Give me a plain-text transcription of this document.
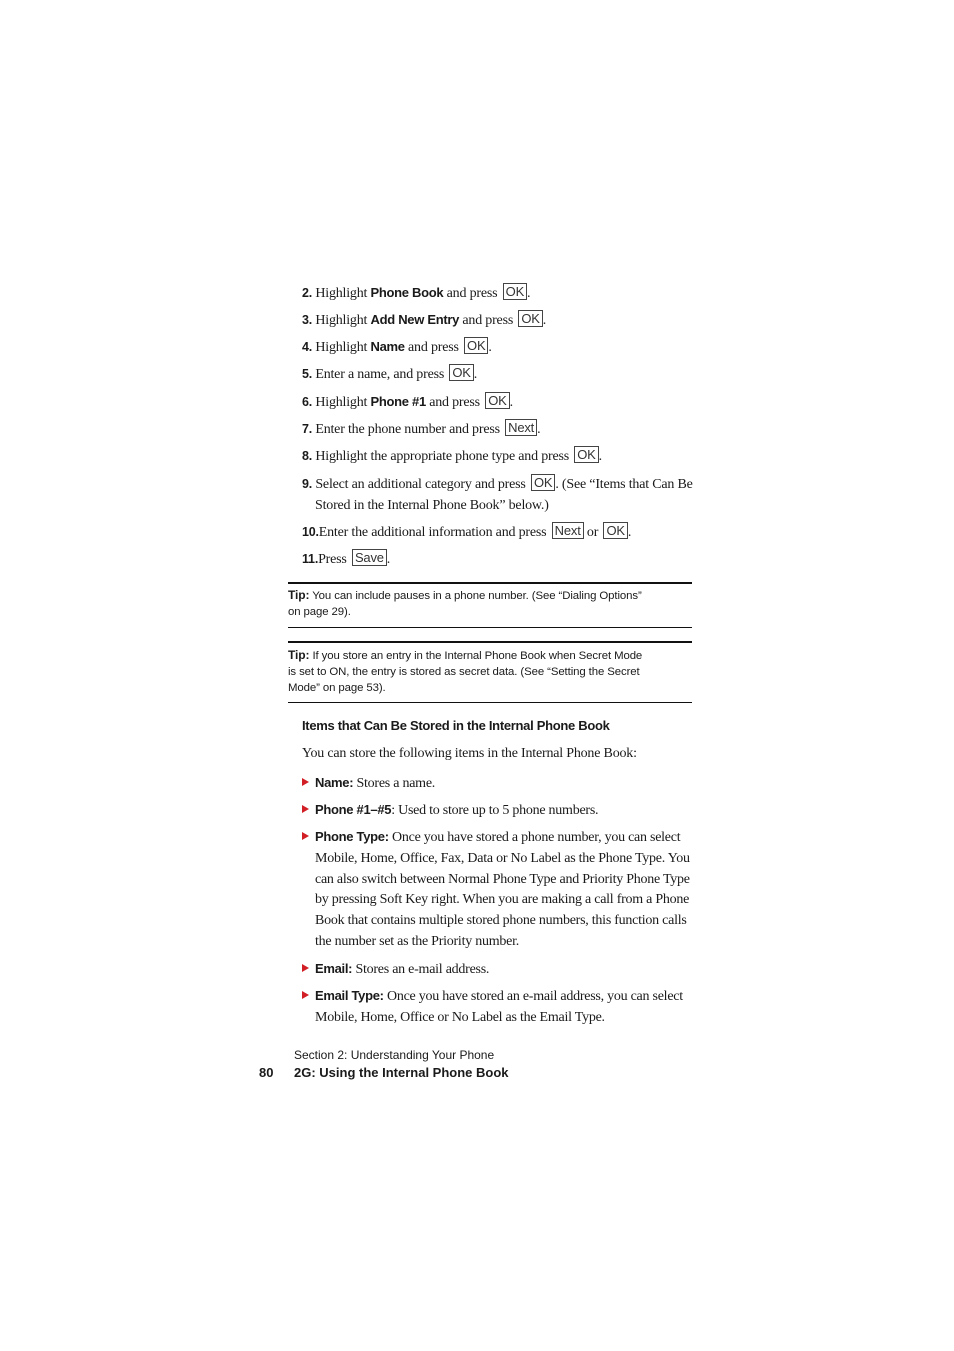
2. Highlight Phone Book and press OK .
3. Highlight Add New Entry and press OK .
4. Highlight Name and press OK .
5. Enter a name, and press OK .
6. Highlight Phone #1 and press OK .
7. Enter the phone number and press Next .
8. Highlight the appropriate phone type and press OK .
9. Select an additional category and press OK . (See “Items that Can Be
Stored in the Internal Phone Book” below.)
10.Enter the additional information and press Next or OK .
11.Press Save .
Tip: You can include pauses in a phone number. (See “Dialing Options”
on page 29).
Tip: If you store an entry in the Internal Phone Book when Secret Mode
is set to ON, the entry is stored as secret data. (See “Setting the Secret
Mode” on page 53).
Items that Can Be Stored in the Internal Phone Book
You can store the following items in the Internal Phone Book:
Name: Stores a name.
Phone #1–#5: Used to store up to 5 phone numbers.
Phone Type: Once you have stored a phone number, you can select
Mobile, Home, Office, Fax, Data or No Label as the Phone Type. You
can also switch between Normal Phone Type and Priority Phone Type
by pressing Soft Key right. When you are making a call from a Phone
Book that contains multiple stored phone numbers, this function calls
the number set as the Priority number.
Email: Stores an e-mail address.
Email Type: Once you have stored an e-mail address, you can select
Mobile, Home, Office or No Label as the Email Type.
Section 2: Understanding Your Phone
80 2G: Using the Internal Phone Book
